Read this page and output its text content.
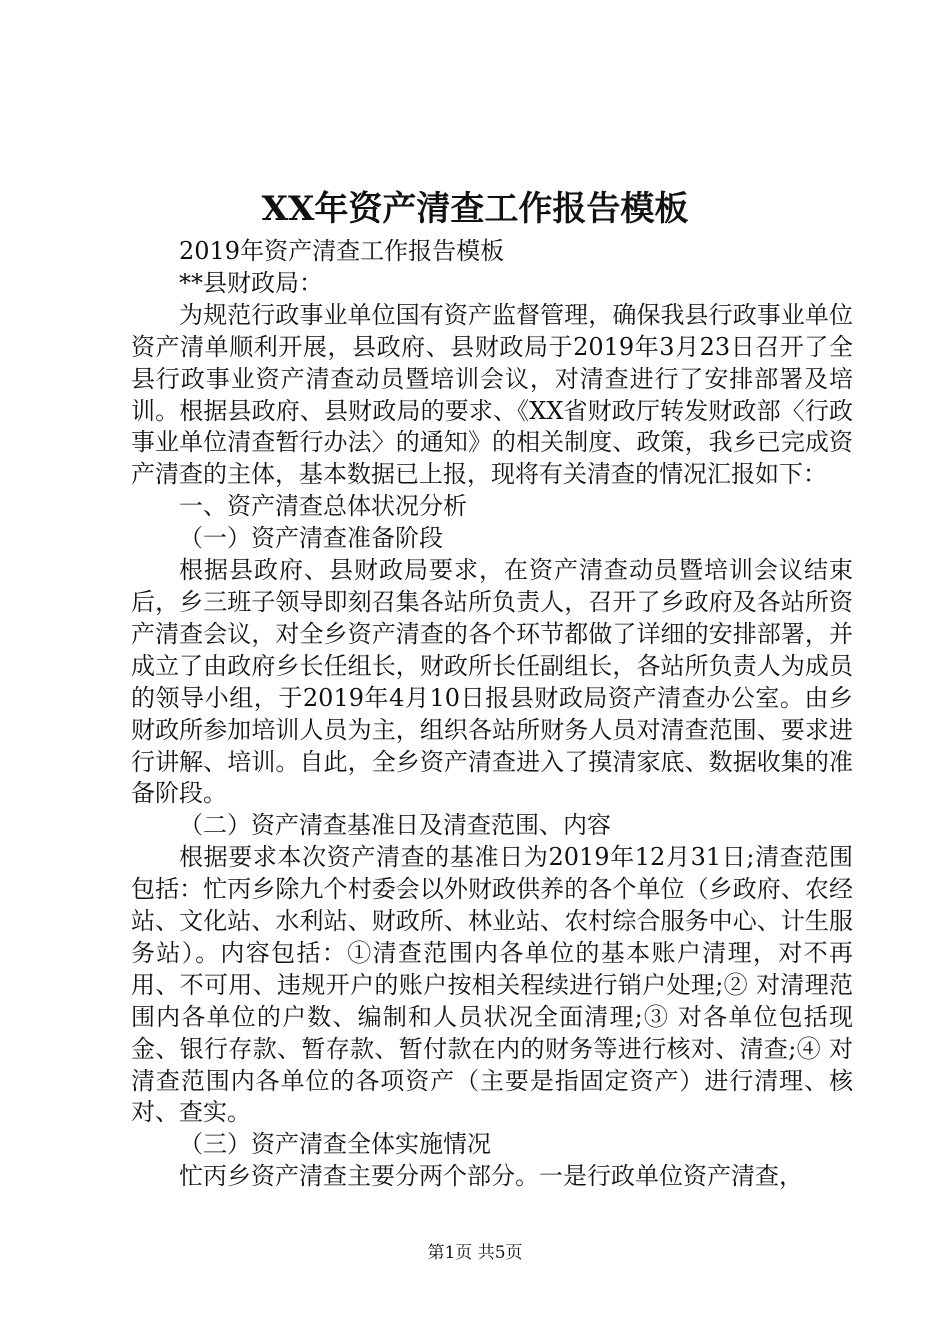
XX年资产清查工作报告模板

2019年资产清查工作报告模板

**县财政局：

为规范行政事业单位国有资产监督管理，确保我县行政事业单位资产清单顺利开展，县政府、县财政局于2019年3月23日召开了全县行政事业资产清查动员暨培训会议，对清查进行了安排部署及培训。根据县政府、县财政局的要求、《XX省财政厅转发财政部〈行政事业单位清查暂行办法〉的通知》的相关制度、政策，我乡已完成资产清查的主体，基本数据已上报，现将有关清查的情况汇报如下：

一、资产清查总体状况分析

（一）资产清查准备阶段

根据县政府、县财政局要求，在资产清查动员暨培训会议结束后，乡三班子领导即刻召集各站所负责人，召开了乡政府及各站所资产清查会议，对全乡资产清查的各个环节都做了详细的安排部署，并成立了由政府乡长任组长，财政所长任副组长，各站所负责人为成员的领导小组，于2019年4月10日报县财政局资产清查办公室。由乡财政所参加培训人员为主，组织各站所财务人员对清查范围、要求进行讲解、培训。自此，全乡资产清查进入了摸清家底、数据收集的准备阶段。

（二）资产清查基准日及清查范围、内容

根据要求本次资产清查的基准日为2019年12月31日;清查范围包括：忙丙乡除九个村委会以外财政供养的各个单位（乡政府、农经站、文化站、水利站、财政所、林业站、农村综合服务中心、计生服务站）。内容包括：①清查范围内各单位的基本账户清理，对不再用、不可用、违规开户的账户按相关程续进行销户处理;② 对清理范围内各单位的户数、编制和人员状况全面清理;③ 对各单位包括现金、银行存款、暂存款、暂付款在内的财务等进行核对、清查;④ 对清查范围内各单位的各项资产（主要是指固定资产）进行清理、核对、查实。

（三）资产清查全体实施情况

忙丙乡资产清查主要分两个部分。一是行政单位资产清查，

第1页 共5页
